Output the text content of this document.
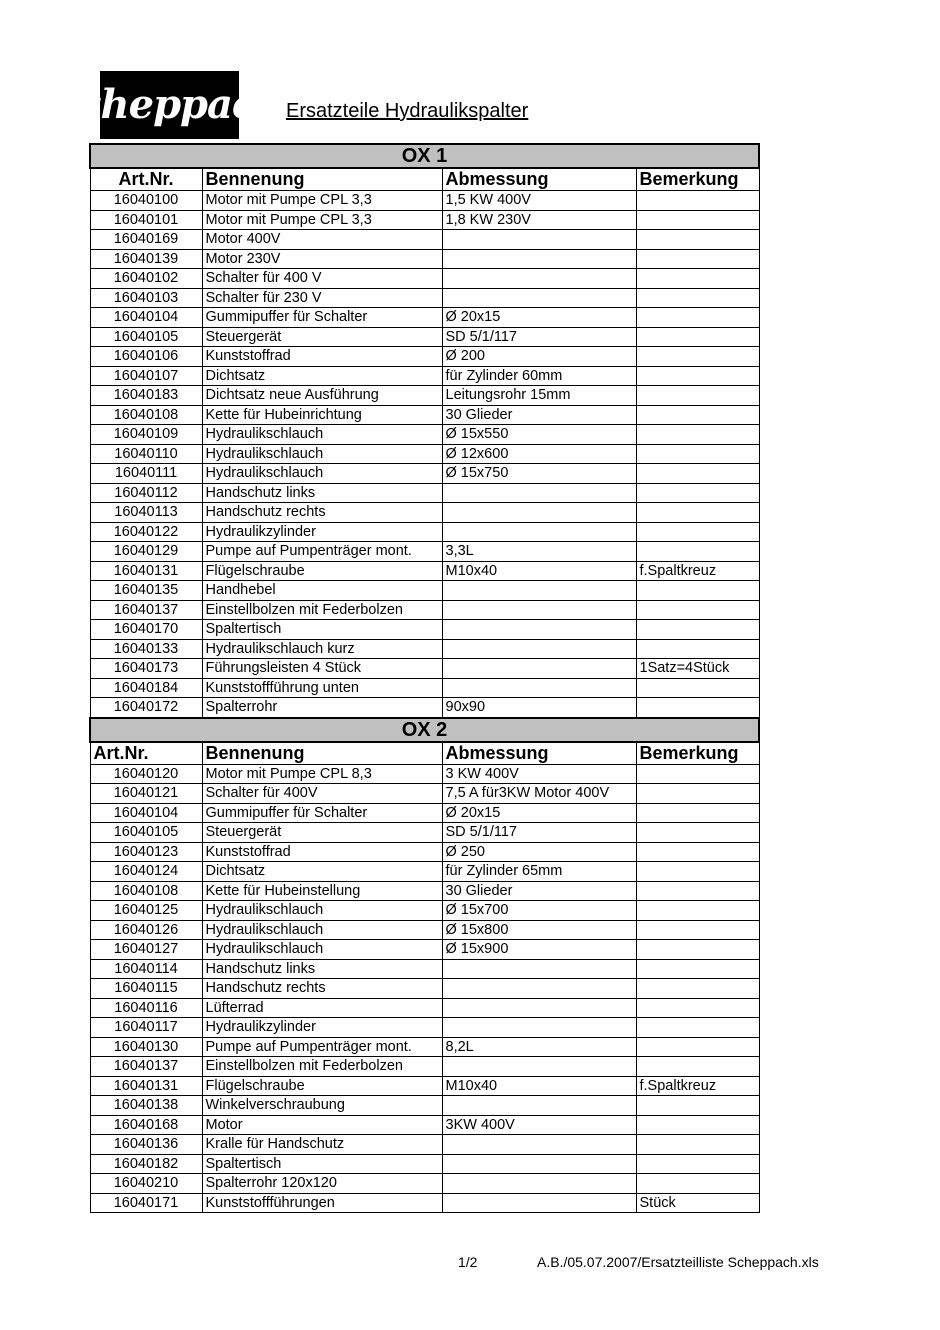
scheppach Ersatzteile Hydraulikspalter
OX 1			
Art.Nr.	Bennenung	Abmessung	Bemerkung
16040100	Motor mit Pumpe CPL 3,3	1,5 KW 400V	
16040101	Motor mit Pumpe CPL 3,3	1,8 KW 230V	
16040169	Motor 400V		
16040139	Motor 230V		
16040102	Schalter für 400 V		
16040103	Schalter für 230 V		
16040104	Gummipuffer für Schalter	Ø 20x15	
16040105	Steuergerät	SD 5/1/117	
16040106	Kunststoffrad	Ø 200	
16040107	Dichtsatz	für Zylinder 60mm	
16040183	Dichtsatz neue Ausführung	Leitungsrohr 15mm	
16040108	Kette für Hubeinrichtung	30 Glieder	
16040109	Hydraulikschlauch	Ø 15x550	
16040110	Hydraulikschlauch	Ø 12x600	
16040111	Hydraulikschlauch	Ø 15x750	
16040112	Handschutz links		
16040113	Handschutz rechts		
16040122	Hydraulikzylinder		
16040129	Pumpe auf Pumpenträger mont.	3,3L	
16040131	Flügelschraube	M10x40	f.Spaltkreuz
16040135	Handhebel		
16040137	Einstellbolzen mit Federbolzen		
16040170	Spaltertisch		
16040133	Hydraulikschlauch kurz		
16040173	Führungsleisten 4 Stück		1Satz=4Stück
16040184	Kunststoffführung unten		
16040172	Spalterrohr	90x90	
OX 2			
Art.Nr.	Bennenung	Abmessung	Bemerkung
16040120	Motor mit Pumpe CPL 8,3	3 KW 400V	
16040121	Schalter für 400V	7,5 A für3KW Motor 400V	
16040104	Gummipuffer für Schalter	Ø 20x15	
16040105	Steuergerät	SD 5/1/117	
16040123	Kunststoffrad	Ø 250	
16040124	Dichtsatz	für Zylinder 65mm	
16040108	Kette für Hubeinstellung	30 Glieder	
16040125	Hydraulikschlauch	Ø 15x700	
16040126	Hydraulikschlauch	Ø 15x800	
16040127	Hydraulikschlauch	Ø 15x900	
16040114	Handschutz links		
16040115	Handschutz rechts		
16040116	Lüfterrad		
16040117	Hydraulikzylinder		
16040130	Pumpe auf Pumpenträger mont.	8,2L	
16040137	Einstellbolzen mit Federbolzen		
16040131	Flügelschraube	M10x40	f.Spaltkreuz
16040138	Winkelverschraubung		
16040168	Motor	3KW 400V	
16040136	Kralle für Handschutz		
16040182	Spaltertisch		
16040210	Spalterrohr 120x120		
16040171	Kunststoffführungen		Stück
1/2	A.B./05.07.2007/Ersatzteilliste Scheppach.xls
